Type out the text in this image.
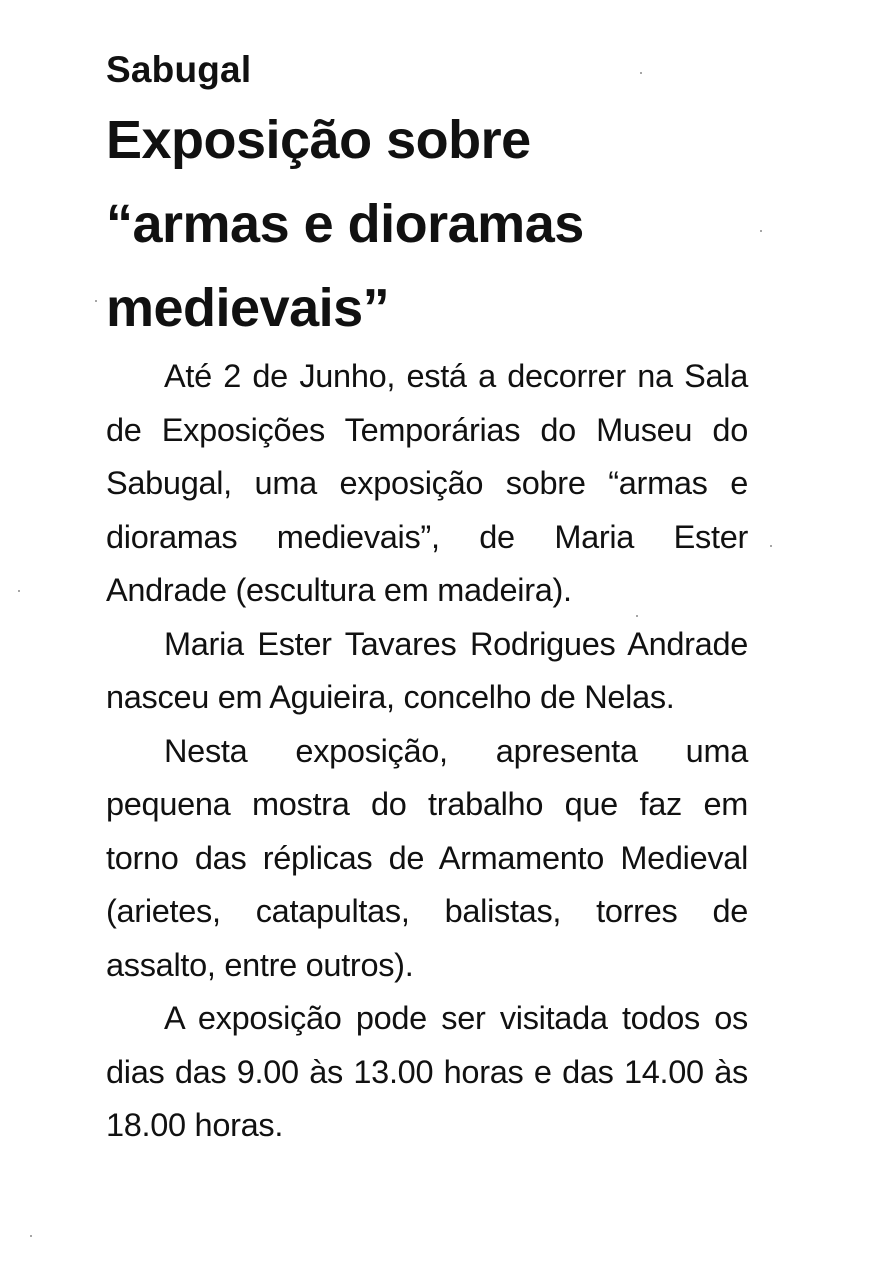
Sabugal
Exposição sobre
“armas e dioramas
medievais”

Até 2 de Junho, está a decorrer na Sala de Exposições Temporárias do Museu do Sabugal, uma exposição sobre “armas e dioramas medievais”, de Maria Ester Andrade (escultura em madeira).

Maria Ester Tavares Rodrigues Andrade nasceu em Aguieira, concelho de Nelas.

Nesta exposição, apresenta uma pequena mostra do trabalho que faz em torno das réplicas de Armamento Medieval (arietes, catapultas, balistas, torres de assalto, entre outros).

A exposição pode ser visitada todos os dias das 9.00 às 13.00 horas e das 14.00 às 18.00 horas.
